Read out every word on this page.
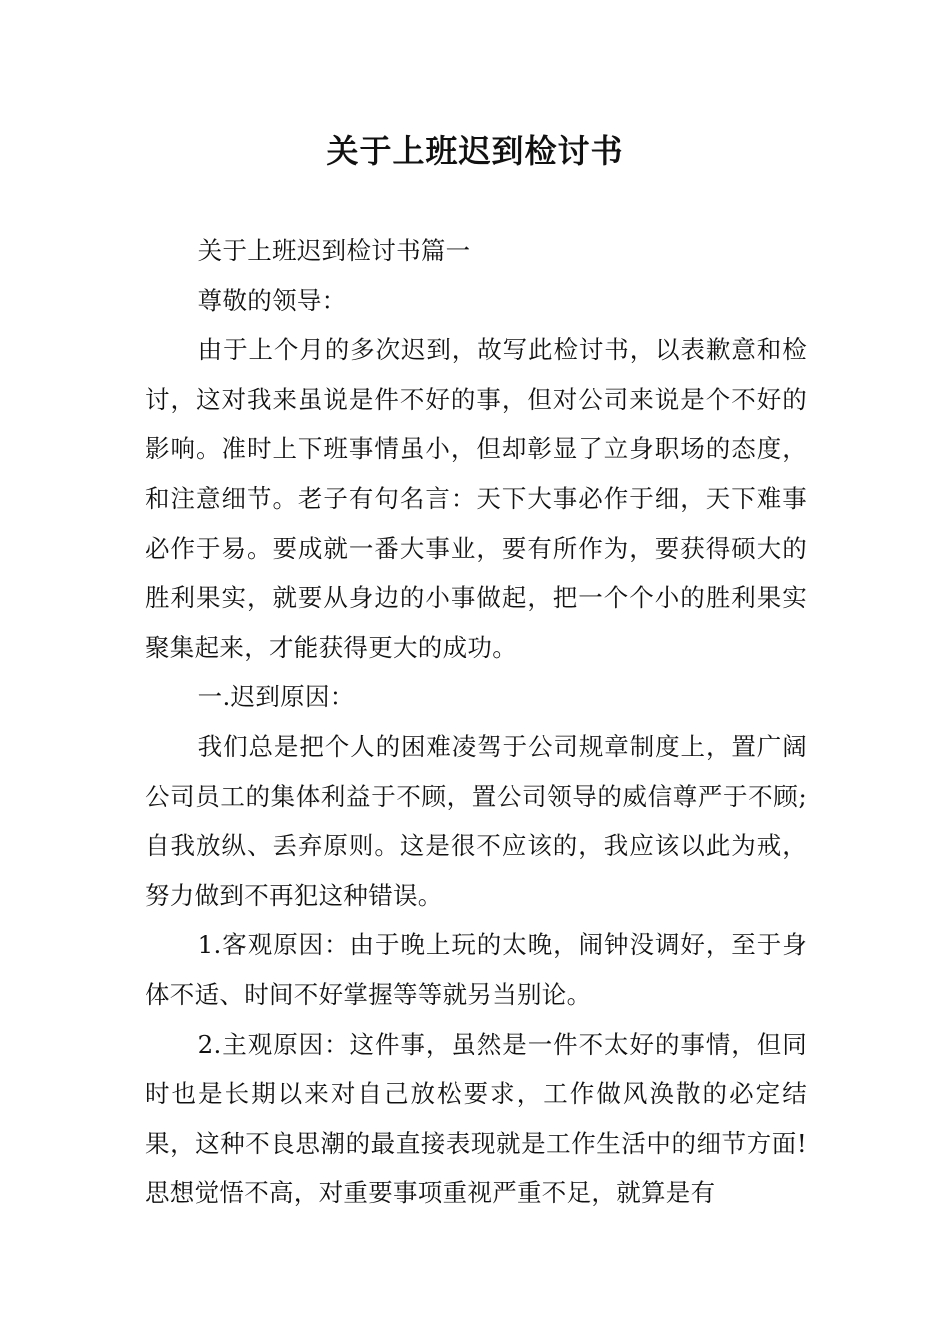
关于上班迟到检讨书

关于上班迟到检讨书篇一

尊敬的领导：

由于上个月的多次迟到，故写此检讨书，以表歉意和检讨，这对我来虽说是件不好的事，但对公司来说是个不好的影响。准时上下班事情虽小，但却彰显了立身职场的态度，和注意细节。老子有句名言：天下大事必作于细，天下难事必作于易。要成就一番大事业，要有所作为，要获得硕大的胜利果实，就要从身边的小事做起，把一个个小的胜利果实聚集起来，才能获得更大的成功。

一.迟到原因：

我们总是把个人的困难凌驾于公司规章制度上，置广阔公司员工的集体利益于不顾，置公司领导的威信尊严于不顾;自我放纵、丢弃原则。这是很不应该的，我应该以此为戒，努力做到不再犯这种错误。

1.客观原因：由于晚上玩的太晚，闹钟没调好，至于身体不适、时间不好掌握等等就另当别论。

2.主观原因：这件事，虽然是一件不太好的事情，但同时也是长期以来对自己放松要求，工作做风涣散的必定结果，这种不良思潮的最直接表现就是工作生活中的细节方面!思想觉悟不高，对重要事项重视严重不足，就算是有
